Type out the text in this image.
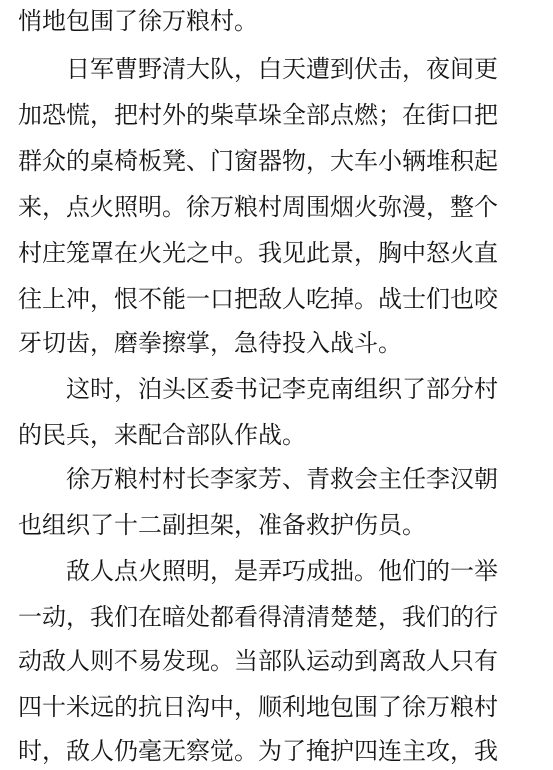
悄地包围了徐万粮村。
日军曹野清大队，白天遭到伏击，夜间更
加恐慌，把村外的柴草垛全部点燃；在街口把
群众的桌椅板凳、门窗器物，大车小辆堆积起
来，点火照明。徐万粮村周围烟火弥漫，整个
村庄笼罩在火光之中。我见此景，胸中怒火直
往上冲，恨不能一口把敌人吃掉。战士们也咬
牙切齿，磨拳擦掌，急待投入战斗。
这时，泊头区委书记李克南组织了部分村
的民兵，来配合部队作战。
徐万粮村村长李家芳、青救会主任李汉朝
也组织了十二副担架，准备救护伤员。
敌人点火照明，是弄巧成拙。他们的一举
一动，我们在暗处都看得清清楚楚，我们的行
动敌人则不易发现。当部队运动到离敌人只有
四十米远的抗日沟中，顺利地包围了徐万粮村
时，敌人仍毫无察觉。为了掩护四连主攻，我
